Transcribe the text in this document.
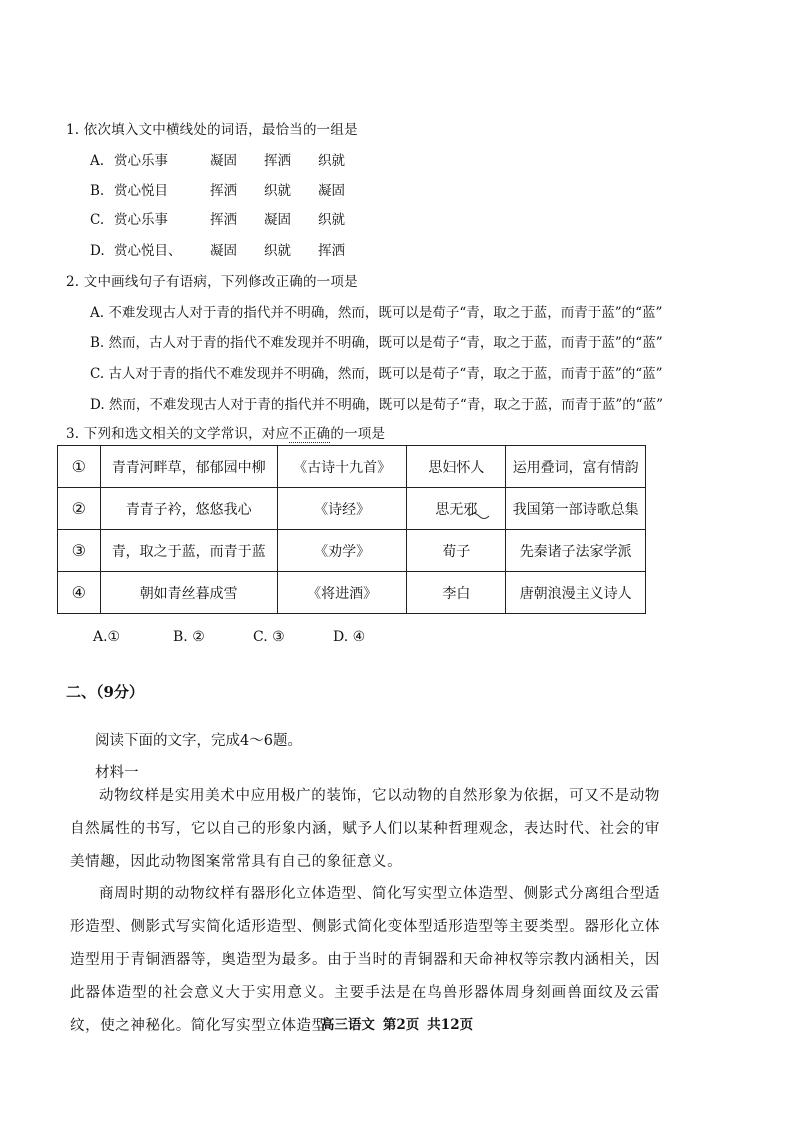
1. 依次填入文中横线处的词语，最恰当的一组是
A. 赏心乐事	凝固 挥洒 织就
B. 赏心悦目	挥洒 织就 凝固
C. 赏心乐事	挥洒 凝固 织就
D. 赏心悦目、 凝固 织就 挥洒
2. 文中画线句子有语病，下列修改正确的一项是
A. 不难发现古人对于青的指代并不明确，然而，既可以是荀子“青，取之于蓝，而青于蓝”的“蓝”
B. 然而，古人对于青的指代不难发现并不明确，既可以是荀子“青，取之于蓝，而青于蓝”的“蓝”
C. 古人对于青的指代不难发现并不明确，然而，既可以是荀子“青，取之于蓝，而青于蓝”的“蓝”
D. 然而，不难发现古人对于青的指代并不明确，既可以是荀子“青，取之于蓝，而青于蓝”的“蓝”
3. 下列和选文相关的文学常识，对应不正确的一项是
①	青青河畔草，郁郁园中柳	《古诗十九首》	思妇怀人	运用叠词，富有情韵
②	青青子衿，悠悠我心	《诗经》	思无邪	我国第一部诗歌总集
③	青，取之于蓝，而青于蓝	《劝学》	荀子	先秦诸子法家学派
④	朝如青丝暮成雪	《将进酒》	李白	唐朝浪漫主义诗人
A.①	B. ②	C. ③	D. ④
二、（9分）
阅读下面的文字，完成4～6题。
材料一
动物纹样是实用美术中应用极广的装饰，它以动物的自然形象为依据，可又不是动物自然属性的书写，它以自己的形象内涵，赋予人们以某种哲理观念，表达时代、社会的审美情趣，因此动物图案常常具有自己的象征意义。
商周时期的动物纹样有器形化立体造型、简化写实型立体造型、侧影式分离组合型适形造型、侧影式写实简化适形造型、侧影式简化变体型适形造型等主要类型。器形化立体造型用于青铜酒器等，奥造型为最多。由于当时的青铜器和天命神权等宗教内涵相关，因此器体造型的社会意义大于实用意义。主要手法是在鸟兽形器体周身刻画兽面纹及云雷纹，使之神秘化。简化写实型立体造型
高三语文 第2页 共12页
